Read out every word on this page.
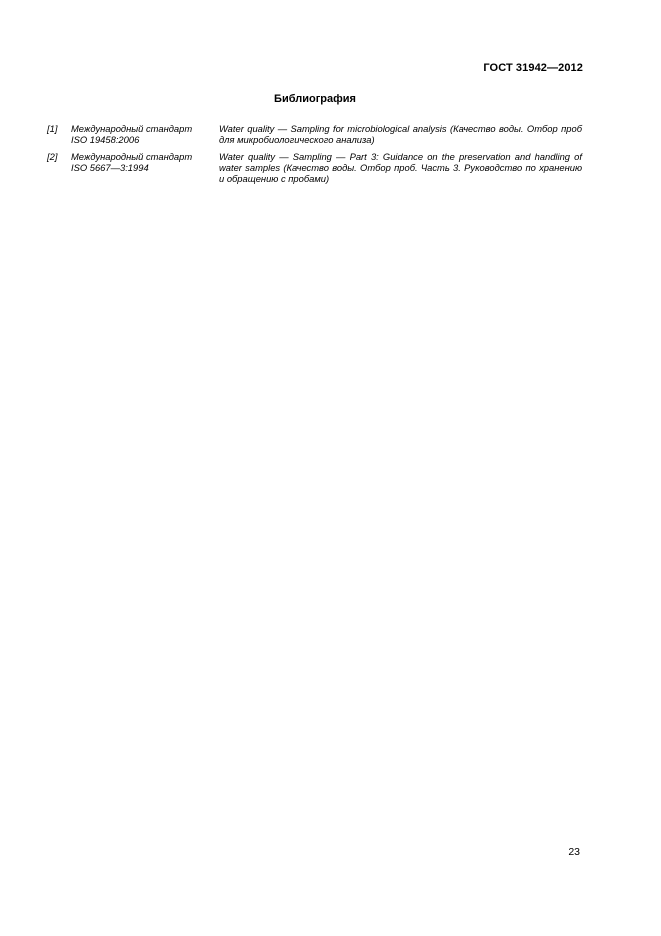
ГОСТ 31942—2012
Библиография
[1]	Международный стандарт
ISO 19458:2006
Water quality — Sampling for microbiological analysis (Качество воды. Отбор проб для микробиологического анализа)
[2]	Международный стандарт
ISO 5667—3:1994
Water quality — Sampling — Part 3: Guidance on the preservation and handling of water samples (Качество воды. Отбор проб. Часть 3. Руководство по хранению и обращению с пробами)
23
